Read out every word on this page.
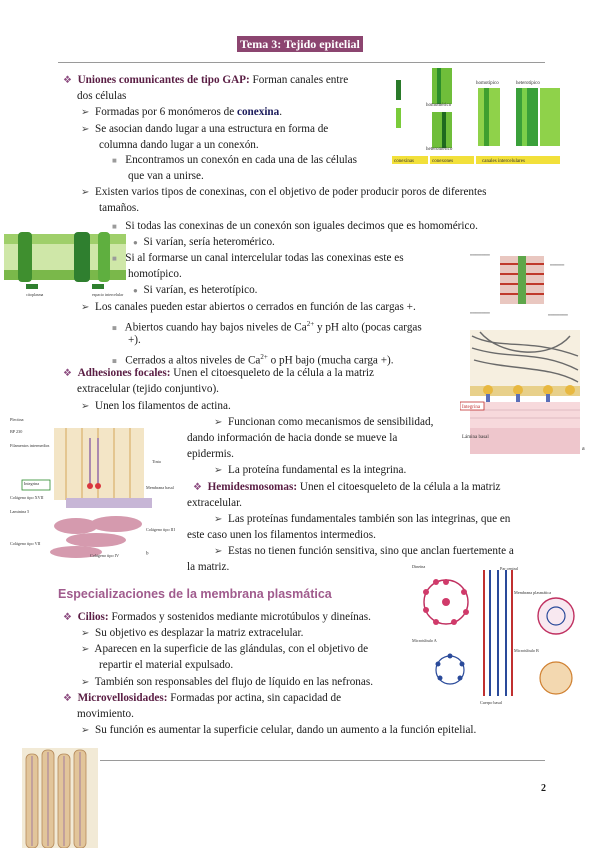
Tema 3: Tejido epitelial
homomérico
heteromérico
homotípico	heterotípico
conexinas	conexones	canales intercelulares
citoplasma	espacio intercelular
═══════
═════
═══════	═══════
Integrina
Lámina basal
a
Plectina
BP 230
Filamentos intermedios
Tinta
Integrina
Membrana basal
Colágeno tipo XVII
Laminina 5
Colágeno tipo VII
Colágeno tipo IV
Colágeno tipo III
b
Dineína	Par central
Microtúbulo A
Microtúbulo B
Cuerpo basal
Membrana plasmática
❖ Uniones comunicantes de tipo GAP: Forman canales entre
dos células
➢ Formadas por 6 monómeros de conexina.
➢ Se asocian dando lugar a una estructura en forma de
columna dando lugar a un conexón.
■ Encontramos un conexón en cada una de las células
que van a unirse.
➢ Existen varios tipos de conexinas, con el objetivo de poder producir poros de diferentes
tamaños.
■ Si todas las conexinas de un conexón son iguales decimos que es homomérico.
● Si varían, sería heteromérico.
■ Si al formarse un canal intercelular todas las conexinas este es
homotípico.
● Si varían, es heterotípico.
➢ Los canales pueden estar abiertos o cerrados en función de las cargas +.
■ Abiertos cuando hay bajos niveles de $Ca^{2+}$ y pH alto (pocas cargas
+).
■ Cerrados a altos niveles de $Ca^{2+}$ o pH bajo (mucha carga +).
❖ Adhesiones focales: Unen el citoesqueleto de la célula a la matriz
extracelular (tejido conjuntivo).
➢ Unen los filamentos de actina.
➢ Funcionan como mecanismos de sensibilidad,
dando información de hacia donde se mueve la
epidermis.
➢ La proteína fundamental es la integrina.
❖ Hemidesmosomas: Unen el citoesqueleto de la célula a la matriz
extracelular.
➢ Las proteínas fundamentales también son las integrinas, que en
este caso unen los filamentos intermedios.
➢ Estas no tienen función sensitiva, sino que anclan fuertemente a
la matriz.
Especializaciones de la membrana plasmática
❖ Cilios: Formados y sostenidos mediante microtúbulos y dineínas.
➢ Su objetivo es desplazar la matriz extracelular.
➢ Aparecen en la superficie de las glándulas, con el objetivo de
repartir el material expulsado.
➢ También son responsables del flujo de líquido en las nefronas.
❖ Microvellosidades: Formadas por actina, sin capacidad de
movimiento.
➢ Su función es aumentar la superficie celular, dando un aumento a la función epitelial.
2
